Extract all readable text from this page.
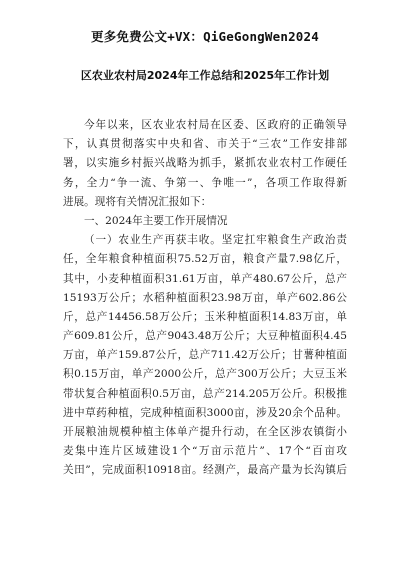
更多免费公文+VX：QiGeGongWen2024
区农业农村局2024年工作总结和2025年工作计划
今年以来，区农业农村局在区委、区政府的正确领导
下，认真贯彻落实中央和省、市关于“三农”工作安排部
署，以实施乡村振兴战略为抓手，紧抓农业农村工作硬任
务，全力“争一流、争第一、争唯一”，各项工作取得新
进展。现将有关情况汇报如下：
一、2024年主要工作开展情况
（一）农业生产再获丰收。坚定扛牢粮食生产政治责
任，全年粮食种植面积75.52万亩，粮食产量7.98亿斤，
其中，小麦种植面积31.61万亩，单产480.67公斤，总产
15193万公斤；水稻种植面积23.98万亩，单产602.86公
斤，总产14456.58万公斤；玉米种植面积14.83万亩，单
产609.81公斤，总产9043.48万公斤；大豆种植面积4.45
万亩，单产159.87公斤，总产711.42万公斤；甘薯种植面
积0.15万亩，单产2000公斤，总产300万公斤；大豆玉米
带状复合种植面积0.5万亩，总产214.205万公斤。积极推
进中草药种植，完成种植面积3000亩，涉及20余个品种。
开展粮油规模种植主体单产提升行动，在全区涉农镇街小
麦集中连片区域建设1个“万亩示范片”、17个“百亩攻
关田”，完成面积10918亩。经测产，最高产量为长沟镇后
